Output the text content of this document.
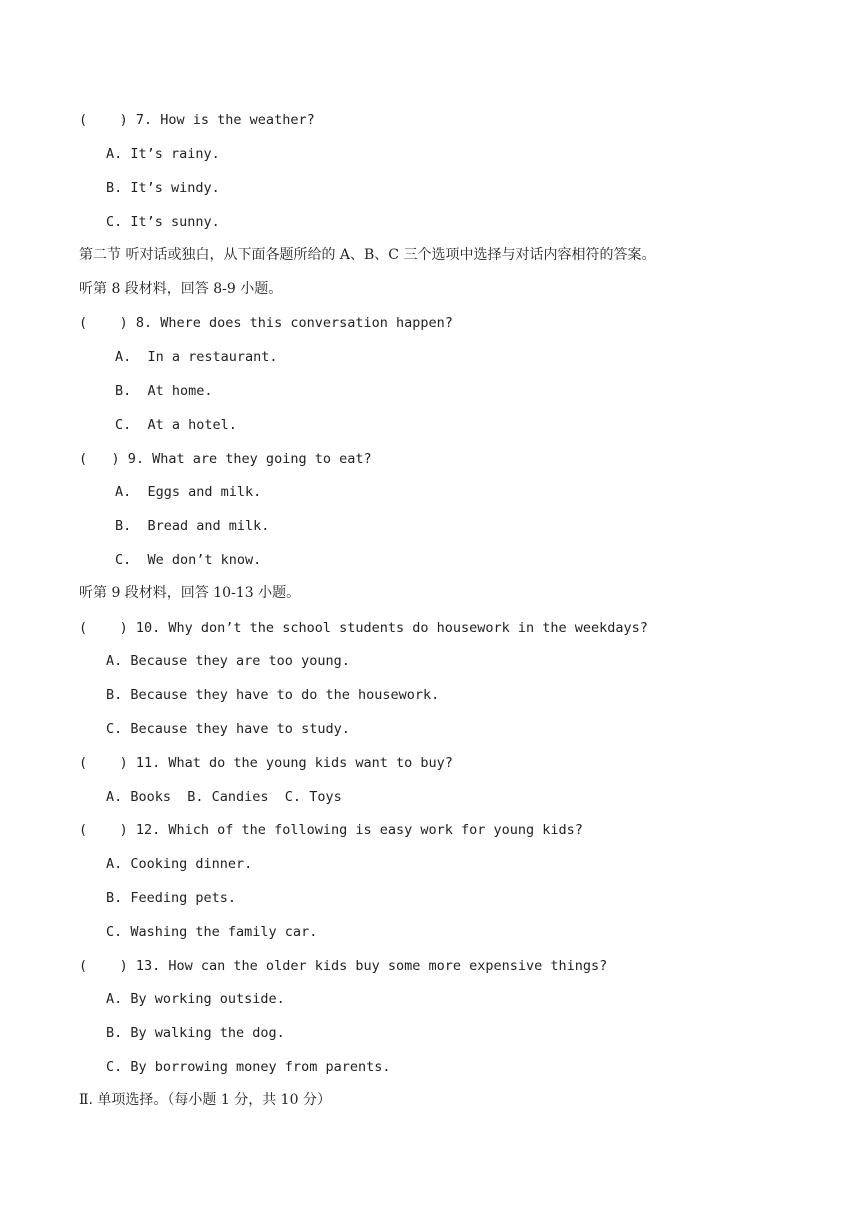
(    ) 7. How is the weather?
A. It’s rainy.
B. It’s windy.
C. It’s sunny.
第二节 听对话或独白，从下面各题所给的 A、B、C 三个选项中选择与对话内容相符的答案。
听第 8 段材料，回答 8-9 小题。
(    ) 8. Where does this conversation happen?
A.  In a restaurant.
B.  At home.
C.  At a hotel.
(   ) 9. What are they going to eat?
A.  Eggs and milk.
B.  Bread and milk.
C.  We don’t know.
听第 9 段材料，回答 10-13 小题。
(    ) 10. Why don’t the school students do housework in the weekdays?
A. Because they are too young.
B. Because they have to do the housework.
C. Because they have to study.
(    ) 11. What do the young kids want to buy?
A. Books  B. Candies  C. Toys
(    ) 12. Which of the following is easy work for young kids?
A. Cooking dinner.
B. Feeding pets.
C. Washing the family car.
(    ) 13. How can the older kids buy some more expensive things?
A. By working outside.
B. By walking the dog.
C. By borrowing money from parents.
Ⅱ. 单项选择。（每小题 1 分，共 10 分）
